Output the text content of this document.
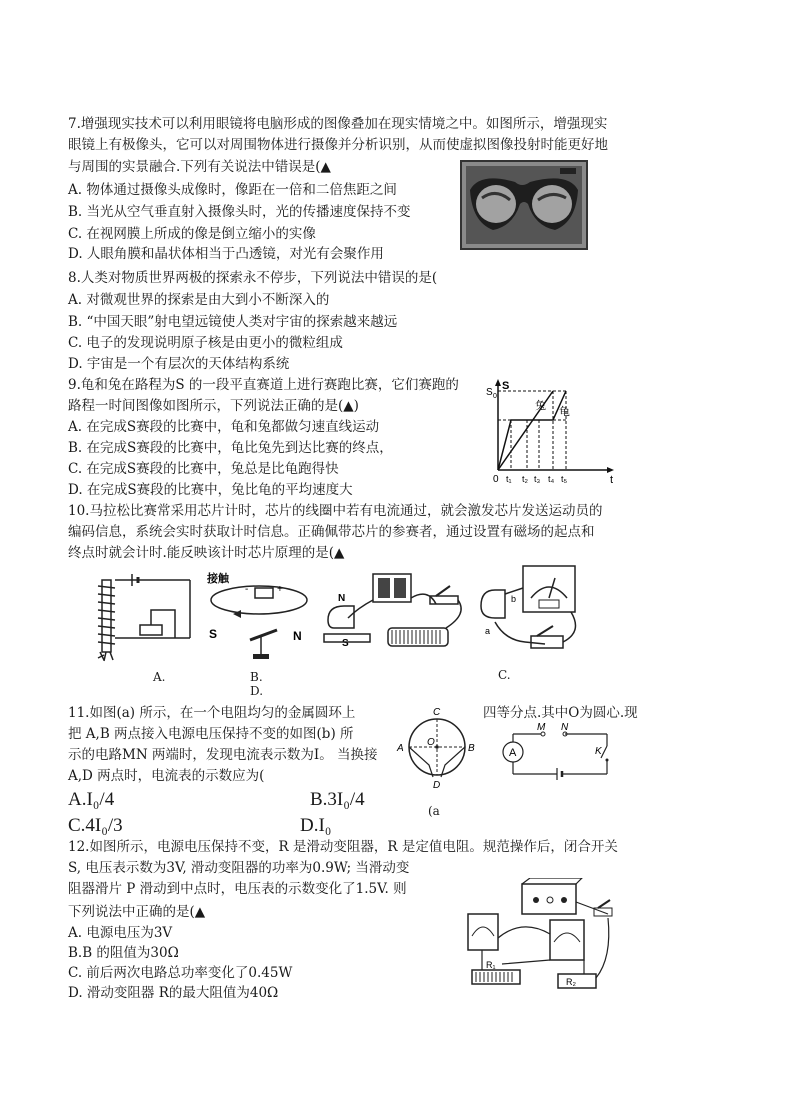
7.增强现实技术可以利用眼镜将电脑形成的图像叠加在现实情境之中。如图所示，增强现实
眼镜上有极像头，它可以对周围物体进行摄像并分析识别，从而使虚拟图像投射时能更好地
与周围的实景融合.下列有关说法中错误是(▲
A. 物体通过摄像头成像时，像距在一倍和二倍焦距之间
B. 当光从空气垂直射入摄像头时，光的传播速度保持不变
C. 在视网膜上所成的像是倒立缩小的实像
D. 人眼角膜和晶状体相当于凸透镜，对光有会聚作用
8.人类对物质世界两极的探索永不停步，下列说法中错误的是(
A. 对微观世界的探索是由大到小不断深入的
B. “中国天眼”射电望远镜使人类对宇宙的探索越来越远
C. 电子的发现说明原子核是由更小的微粒组成
D. 宇宙是一个有层次的天体结构系统
9.龟和兔在路程为S 的一段平直赛道上进行赛跑比赛，它们赛跑的
路程一时间图像如图所示，下列说法正确的是(▲)
A. 在完成S赛段的比赛中，龟和兔都做匀速直线运动
B. 在完成S赛段的比赛中，龟比兔先到达比赛的终点，
C. 在完成S赛段的比赛中，兔总是比龟跑得快
D. 在完成S赛段的比赛中，兔比龟的平均速度大
S
S 0
t
0 t₁ t₂ t₃ t₄ t₅
兔 龟
10.马拉松比赛常采用芯片计时，芯片的线圈中若有电流通过，就会激发芯片发送运动员的
编码信息，系统会实时获取计时信息。正确佩带芯片的参赛者，通过设置有磁场的起点和
终点时就会计时.能反映该计时芯片原理的是(▲
A.
接触
+
-
S	N
B.
D.
N
S
b
a
C.
11.如图(a) 所示，在一个电阻均匀的金属圆环上	四等分点.其中O为圆心.现
把 A,B 两点接入电源电压保持不变的如图(b) 所
示的电路MN 两端时，发现电流表示数为I。 当换接
A,D 两点时，电流表的示数应为(
A.I₀/4	B.3I₀/4
C.4I₀/3	D.I₀
C
A
O
B
D
(a
M N
A	K
12.如图所示，电源电压保持不变，R 是滑动变阻器，R 是定值电阻。规范操作后，闭合开关
S, 电压表示数为3V, 滑动变阻器的功率为0.9W; 当滑动变
阻器滑片 P 滑动到中点时，电压表的示数变化了1.5V. 则
下列说法中正确的是(▲
A. 电源电压为3V
B.B 的阻值为30Ω
C. 前后两次电路总功率变化了0.45W
D. 滑动变阻器 R的最大阻值为40Ω
R₁
R₂
